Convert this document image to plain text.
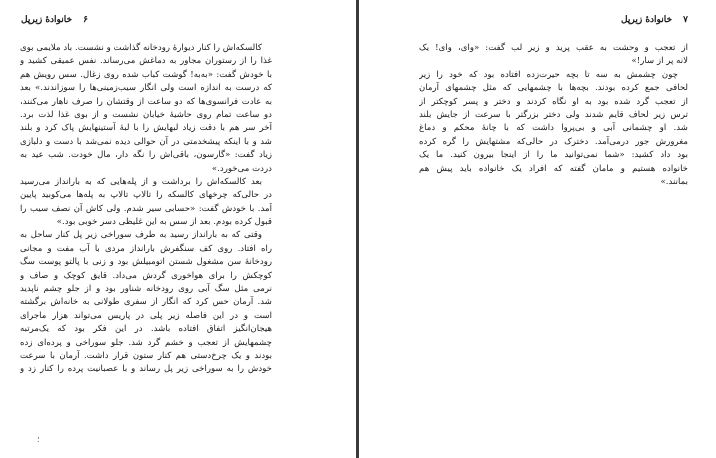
۶ خانوادهٔ زیرپل
کالسکه‌اش را کنار دیوارهٔ رودخانه گذاشت و نشست. باد ملایمی بوی
غذا را از رستوران مجاور به دماغش می‌رساند. نفس عمیقی کشید و
با خودش گفت: «به‌به! گوشت کباب شده روی زغال. سس رویش هم
که درست به اندازه است ولی انگار سیب‌زمینی‌ها را سوزاندند.» بعد
به عادت فرانسوی‌ها که دو ساعت از وقتشان را صرف ناهار می‌کنند،
دو ساعت تمام روی حاشیهٔ خیابان نشست و از بوی غذا لذت برد.
آخر سر هم با دقت زیاد لبهایش را با لبهٔ آستینهایش پاک کرد و بلند
شد و با اینکه پیشخدمتی در آن حوالی دیده نمی‌شد با دست و دلبازی
زیاد گفت: «گارسون، باقی‌اش را نگه دار، مال خودت. شب عید به
دردت می‌خورد.»
بعد کالسکه‌اش را برداشت و از پله‌هایی که به بارانداز می‌رسید
در حالی‌که چرخهای کالسکه را تالاپ تالاپ به پله‌ها می‌کوبید پایین
آمد. با خودش گفت: «حسابی سیر شدم. ولی کاش آن نصف سیب را
قبول کرده بودم. بعد از سس به این غلیظی دسر خوبی بود.»
وقتی که به بارانداز رسید به طرف سوراخی زیر پل کنار ساحل به
راه افتاد. روی کف سنگفرش بارانداز مردی با آب مفت و مجانی
رودخانهٔ سن مشغول شستن اتومبیلش بود و زنی با پالتو پوست سگ
کوچکش را برای هواخوری گردش می‌داد. قایق کوچک و صاف و
نرمی مثل سگ آبی روی رودخانه شناور بود و از جلو چشم ناپدید
شد. آرمان حس کرد که انگار از سفری طولانی به خانه‌اش برگشته
است و در این فاصله زیر پلی در پاریس می‌تواند هزار ماجرای
هیجان‌انگیز اتفاق افتاده باشد. در این فکر بود که یک‌مرتبه
چشمهایش از تعجب و خشم گرد شد. جلو سوراخی و پرده‌ای زده
بودند و یک چرخ‌دستی هم کنار ستون قرار داشت. آرمان با سرعت
خودش را به سوراخی زیر پل رساند و با عصبانیت پرده را کنار زد و
؛
۷ خانوادهٔ زیرپل
از تعجب و وحشت به عقب پرید و زیر لب گفت: «وای، وای! یک
لانه پر از سار!»
چون چشمش به سه تا بچه حیرت‌زده افتاده بود که خود را زیر
لحافی جمع کرده بودند. بچه‌ها با چشمهایی که مثل چشمهای آرمان
از تعجب گرد شده بود به او نگاه کردند و دختر و پسر کوچکتر از
ترس زیر لحاف قایم شدند ولی دختر بزرگتر با سرعت از جایش بلند
شد. او چشمانی آبی و بی‌پروا داشت که با چانهٔ محکم و دماغ
مغرورش جور درمی‌آمد. دخترک در حالی‌که مشتهایش را گره کرده
بود داد کشید: «شما نمی‌توانید ما را از اینجا بیرون کنید. ما یک
خانواده هستیم و مامان گفته که افراد یک خانواده باید پیش هم
بمانند.»
